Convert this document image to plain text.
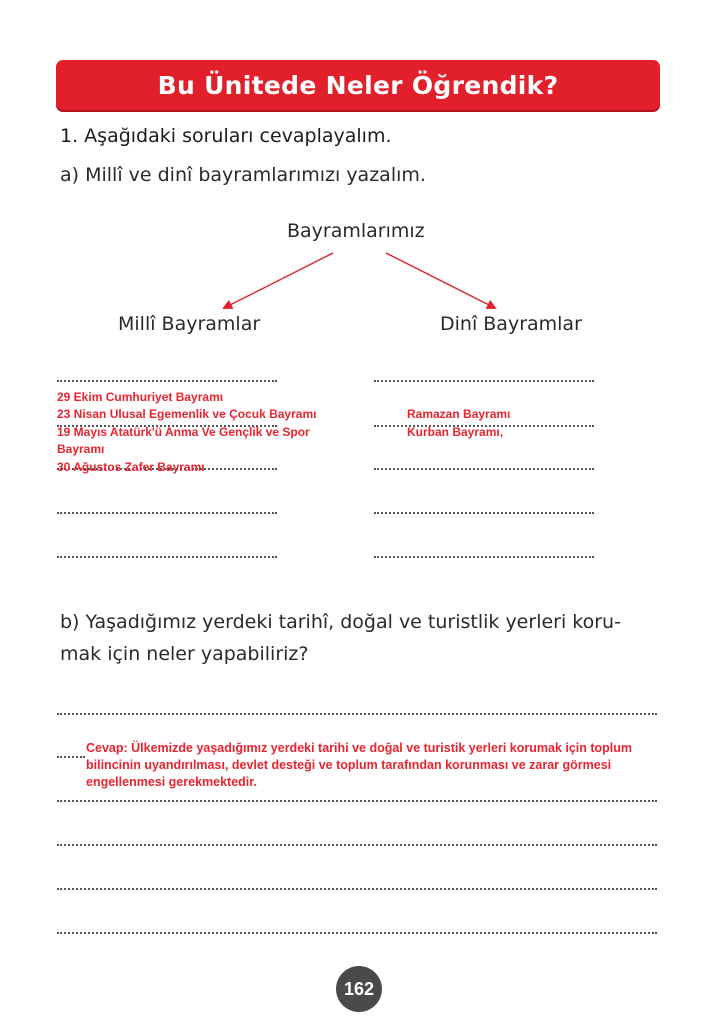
Bu Ünitede Neler Öğrendik?
1. Aşağıdaki soruları cevaplayalım.
a) Millî ve dinî bayramlarımızı yazalım.
Bayramlarımız
Millî Bayramlar	Dinî Bayramlar
29 Ekim Cumhuriyet Bayramı
23 Nisan Ulusal Egemenlik ve Çocuk Bayramı
19 Mayıs Atatürk'ü Anma Ve Gençlik ve Spor
Bayramı
30 Ağustos Zafer Bayramı
Ramazan Bayramı
Kurban Bayramı,
b) Yaşadığımız yerdeki tarihî, doğal ve turistlik yerleri koru-
mak için neler yapabiliriz?
Cevap: Ülkemizde yaşadığımız yerdeki tarihi ve doğal ve turistik yerleri korumak için toplum bilincinin uyandırılması, devlet desteği ve toplum tarafından korunması ve zarar görmesi engellenmesi gerekmektedir.
162
